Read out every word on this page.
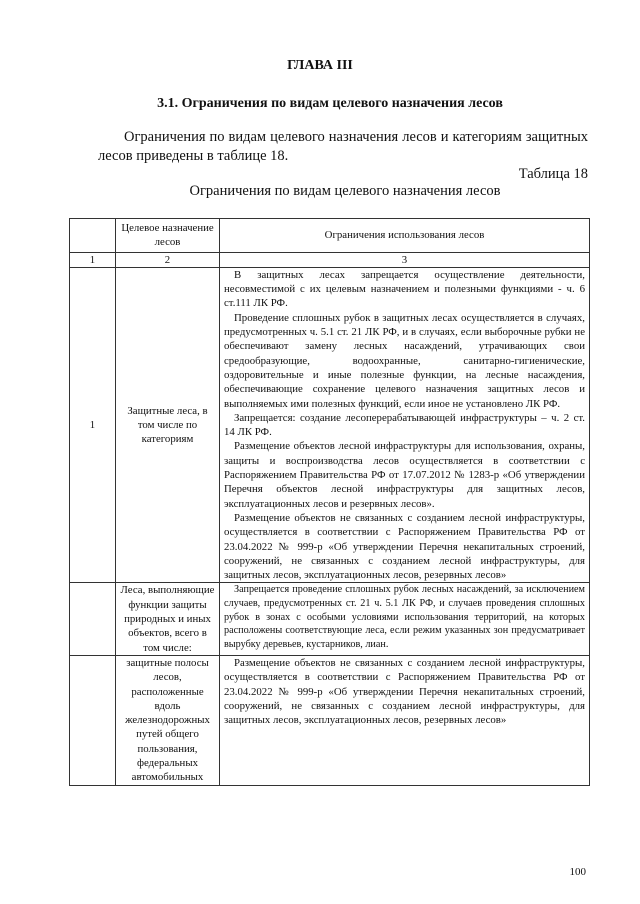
ГЛАВА III
3.1. Ограничения по видам целевого назначения лесов

Ограничения по видам целевого назначения лесов и категориям защитных лесов приведены в таблице 18.

Таблица 18
Ограничения по видам целевого назначения лесов
	Целевое назначение лесов	Ограничения использования лесов
1	2	3
1	Защитные леса, в том числе по категориям	В защитных лесах запрещается осуществление деятельности, несовместимой с их целевым назначением и полезными функциями - ч. 6 ст.111 ЛК РФ.

Проведение сплошных рубок в защитных лесах осуществляется в случаях, предусмотренных ч. 5.1 ст. 21 ЛК РФ, и в случаях, если выборочные рубки не обеспечивают замену лесных насаждений, утрачивающих свои средообразующие, водоохранные, санитарно-гигиенические, оздоровительные и иные полезные функции, на лесные насаждения, обеспечивающие сохранение целевого назначения защитных лесов и выполняемых ими полезных функций, если иное не установлено ЛК РФ.

Запрещается: создание лесоперерабатывающей инфраструктуры – ч. 2 ст. 14 ЛК РФ.

Размещение объектов лесной инфраструктуры для использования, охраны, защиты и воспроизводства лесов осуществляется в соответствии с Распоряжением Правительства РФ от 17.07.2012 № 1283-р «Об утверждении Перечня объектов лесной инфраструктуры для защитных лесов, эксплуатационных лесов и резервных лесов».

Размещение объектов не связанных с созданием лесной инфраструктуры, осуществляется в соответствии с Распоряжением Правительства РФ от 23.04.2022 № 999-р «Об утверждении Перечня некапитальных строений, сооружений, не связанных с созданием лесной инфраструктуры, для защитных лесов, эксплуатационных лесов, резервных лесов»

	Леса, выполняющие функции защиты природных и иных объектов, всего в том числе:	Запрещается проведение сплошных рубок лесных насаждений, за исключением случаев, предусмотренных ст. 21 ч. 5.1 ЛК РФ, и случаев проведения сплошных рубок в зонах с особыми условиями использования территорий, на которых расположены соответствующие леса, если режим указанных зон предусматривает вырубку деревьев, кустарников, лиан.

	защитные полосы лесов, расположенные вдоль железнодорожных путей общего пользования, федеральных автомобильных	Размещение объектов не связанных с созданием лесной инфраструктуры, осуществляется в соответствии с Распоряжением Правительства РФ от 23.04.2022 № 999-р «Об утверждении Перечня некапитальных строений, сооружений, не связанных с созданием лесной инфраструктуры, для защитных лесов, эксплуатационных лесов, резервных лесов»

100
